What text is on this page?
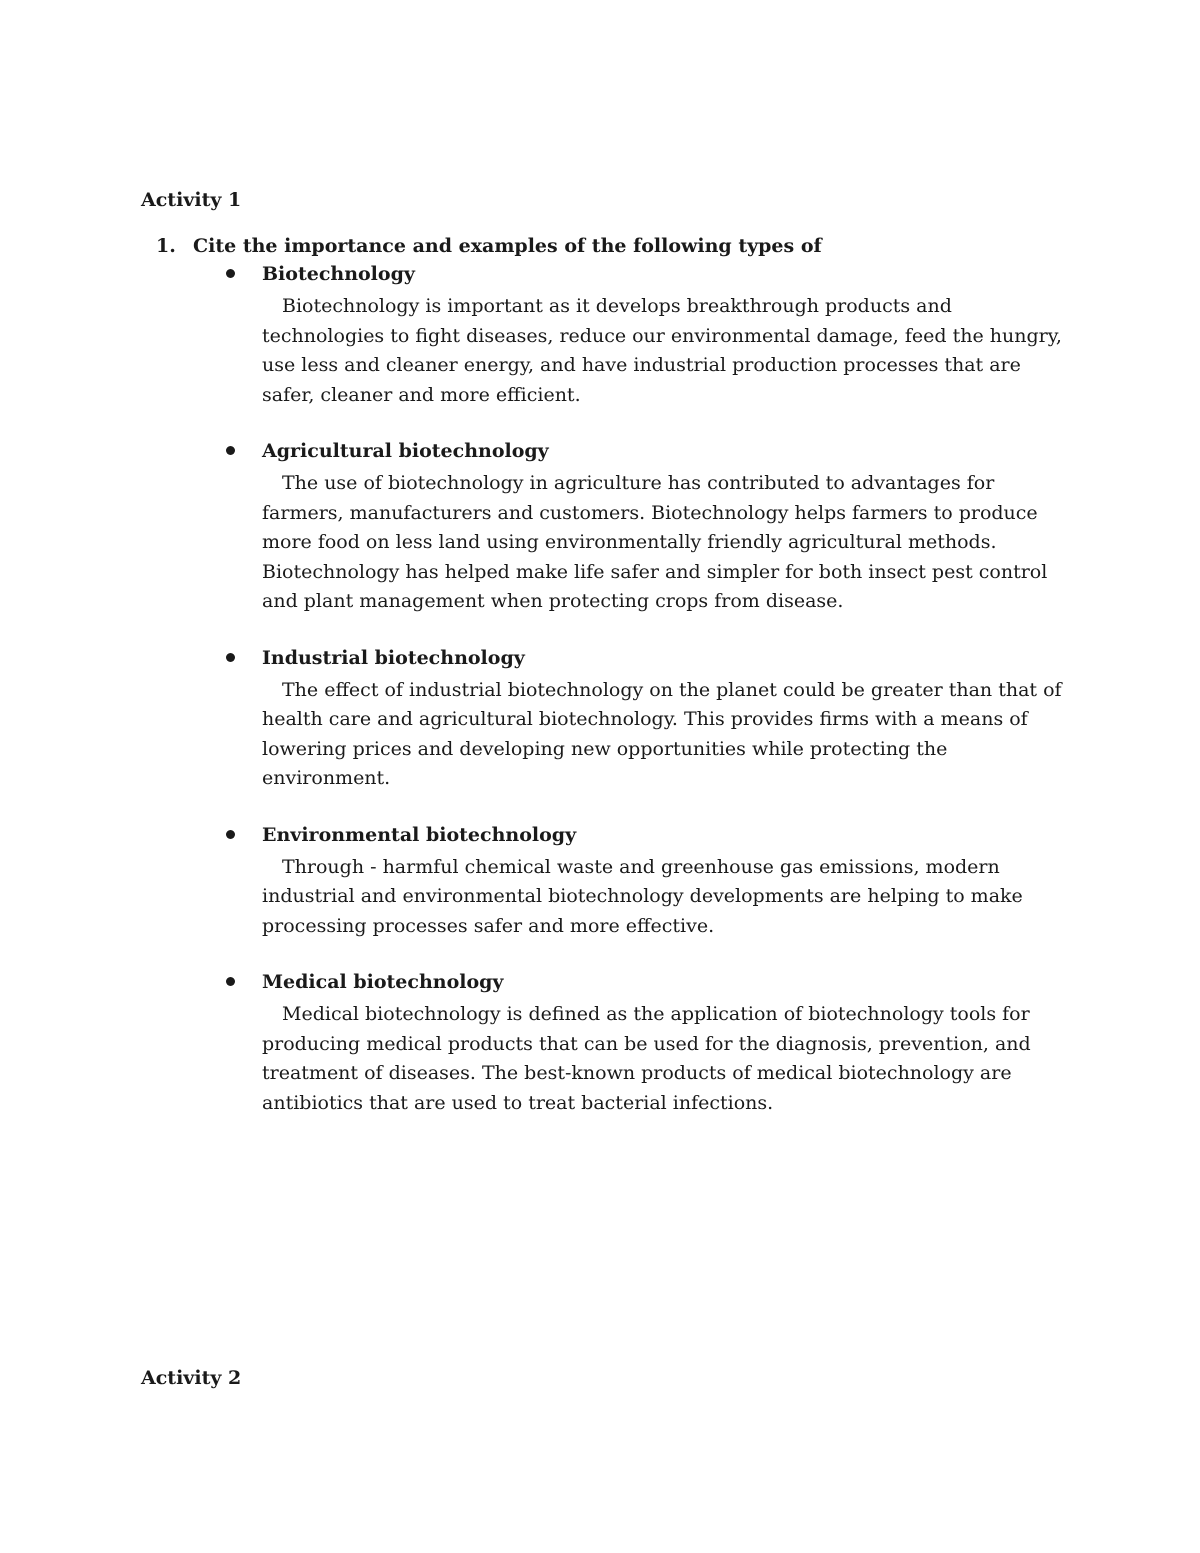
Activity 1

1. Cite the importance and examples of the following types of

Biotechnology

Biotechnology is important as it develops breakthrough products and technologies to fight diseases, reduce our environmental damage, feed the hungry, use less and cleaner energy, and have industrial production processes that are safer, cleaner and more efficient.

Agricultural biotechnology

The use of biotechnology in agriculture has contributed to advantages for farmers, manufacturers and customers. Biotechnology helps farmers to produce more food on less land using environmentally friendly agricultural methods. Biotechnology has helped make life safer and simpler for both insect pest control and plant management when protecting crops from disease.

Industrial biotechnology

The effect of industrial biotechnology on the planet could be greater than that of health care and agricultural biotechnology. This provides firms with a means of lowering prices and developing new opportunities while protecting the environment.

Environmental biotechnology

Through - harmful chemical waste and greenhouse gas emissions, modern industrial and environmental biotechnology developments are helping to make processing processes safer and more effective.

Medical biotechnology

Medical biotechnology is defined as the application of biotechnology tools for producing medical products that can be used for the diagnosis, prevention, and treatment of diseases. The best-known products of medical biotechnology are antibiotics that are used to treat bacterial infections.

Activity 2
